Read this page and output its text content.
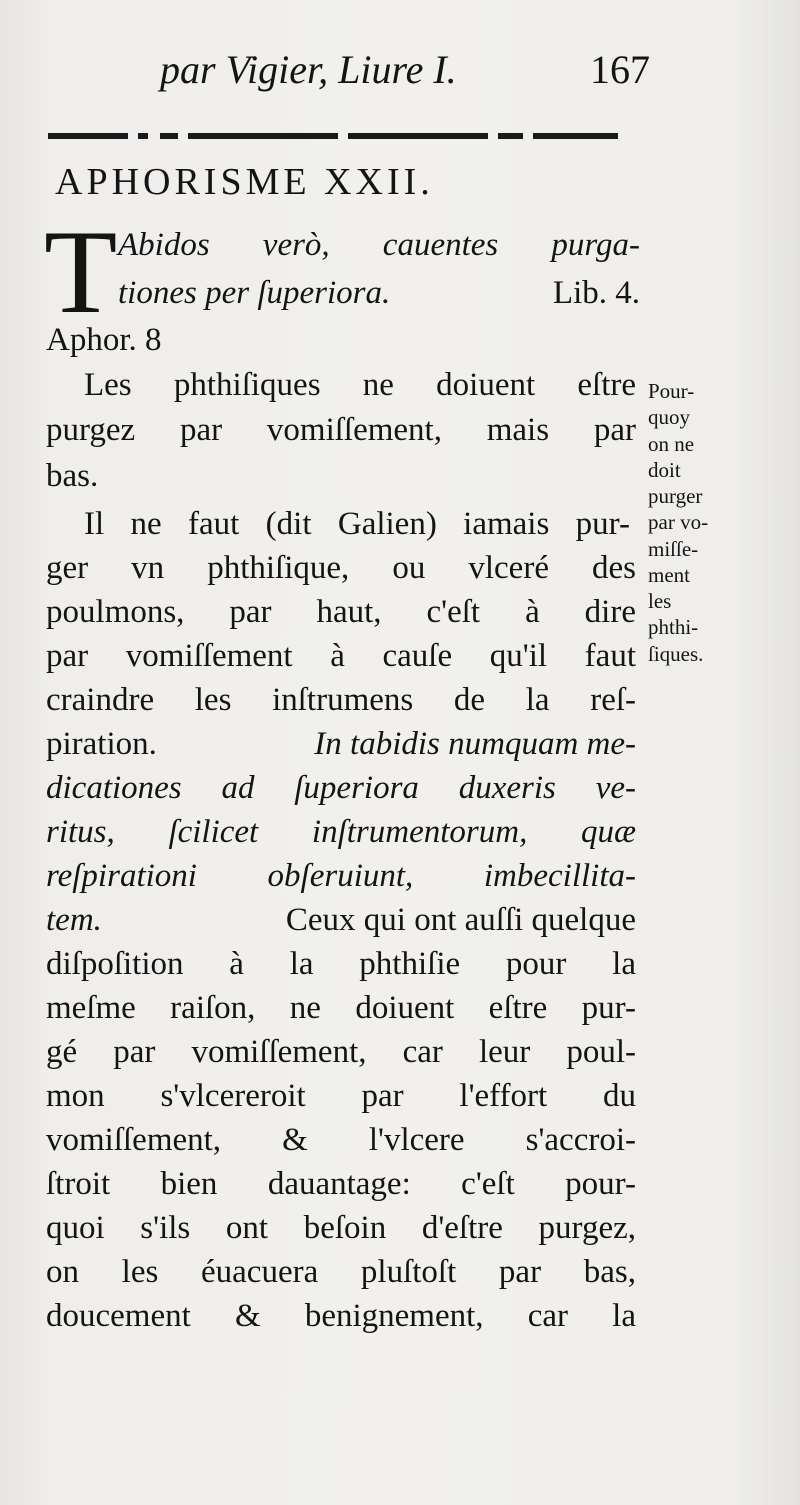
par Vigier, Liure I.	167
APHORISME XXII.
T Abidos verò, cauentes purga-
tiones per ſuperiora.	Lib. 4.
Aphor. 8
Les phthiſiques ne doiuent eſtre
purgez par vomiſſement, mais par
bas.
Pour-
quoy
on ne
doit
purger
par vo-
miſſe-
ment
les
phthi-
ſiques.
Il ne faut (dit Galien) iamais pur-
ger vn phthiſique, ou vlceré des
poulmons, par haut, c'eſt à dire
par vomiſſement à cauſe qu'il faut
craindre les inſtrumens de la reſ-
piration.	In tabidis numquam me-
dicationes ad ſuperiora duxeris ve-
ritus, ſcilicet inſtrumentorum, quæ
reſpirationi obſeruiunt, imbecillita-
tem.	Ceux qui ont auſſi quelque
diſpoſition à la phthiſie pour la
meſme raiſon, ne doiuent eſtre pur-
gé par vomiſſement, car leur poul-
mon s'vlcereroit par l'effort du
vomiſſement, & l'vlcere s'accroi-
ſtroit bien dauantage: c'eſt pour-
quoi s'ils ont beſoin d'eſtre purgez,
on les éuacuera pluſtoſt par bas,
doucement & benignement, car la
